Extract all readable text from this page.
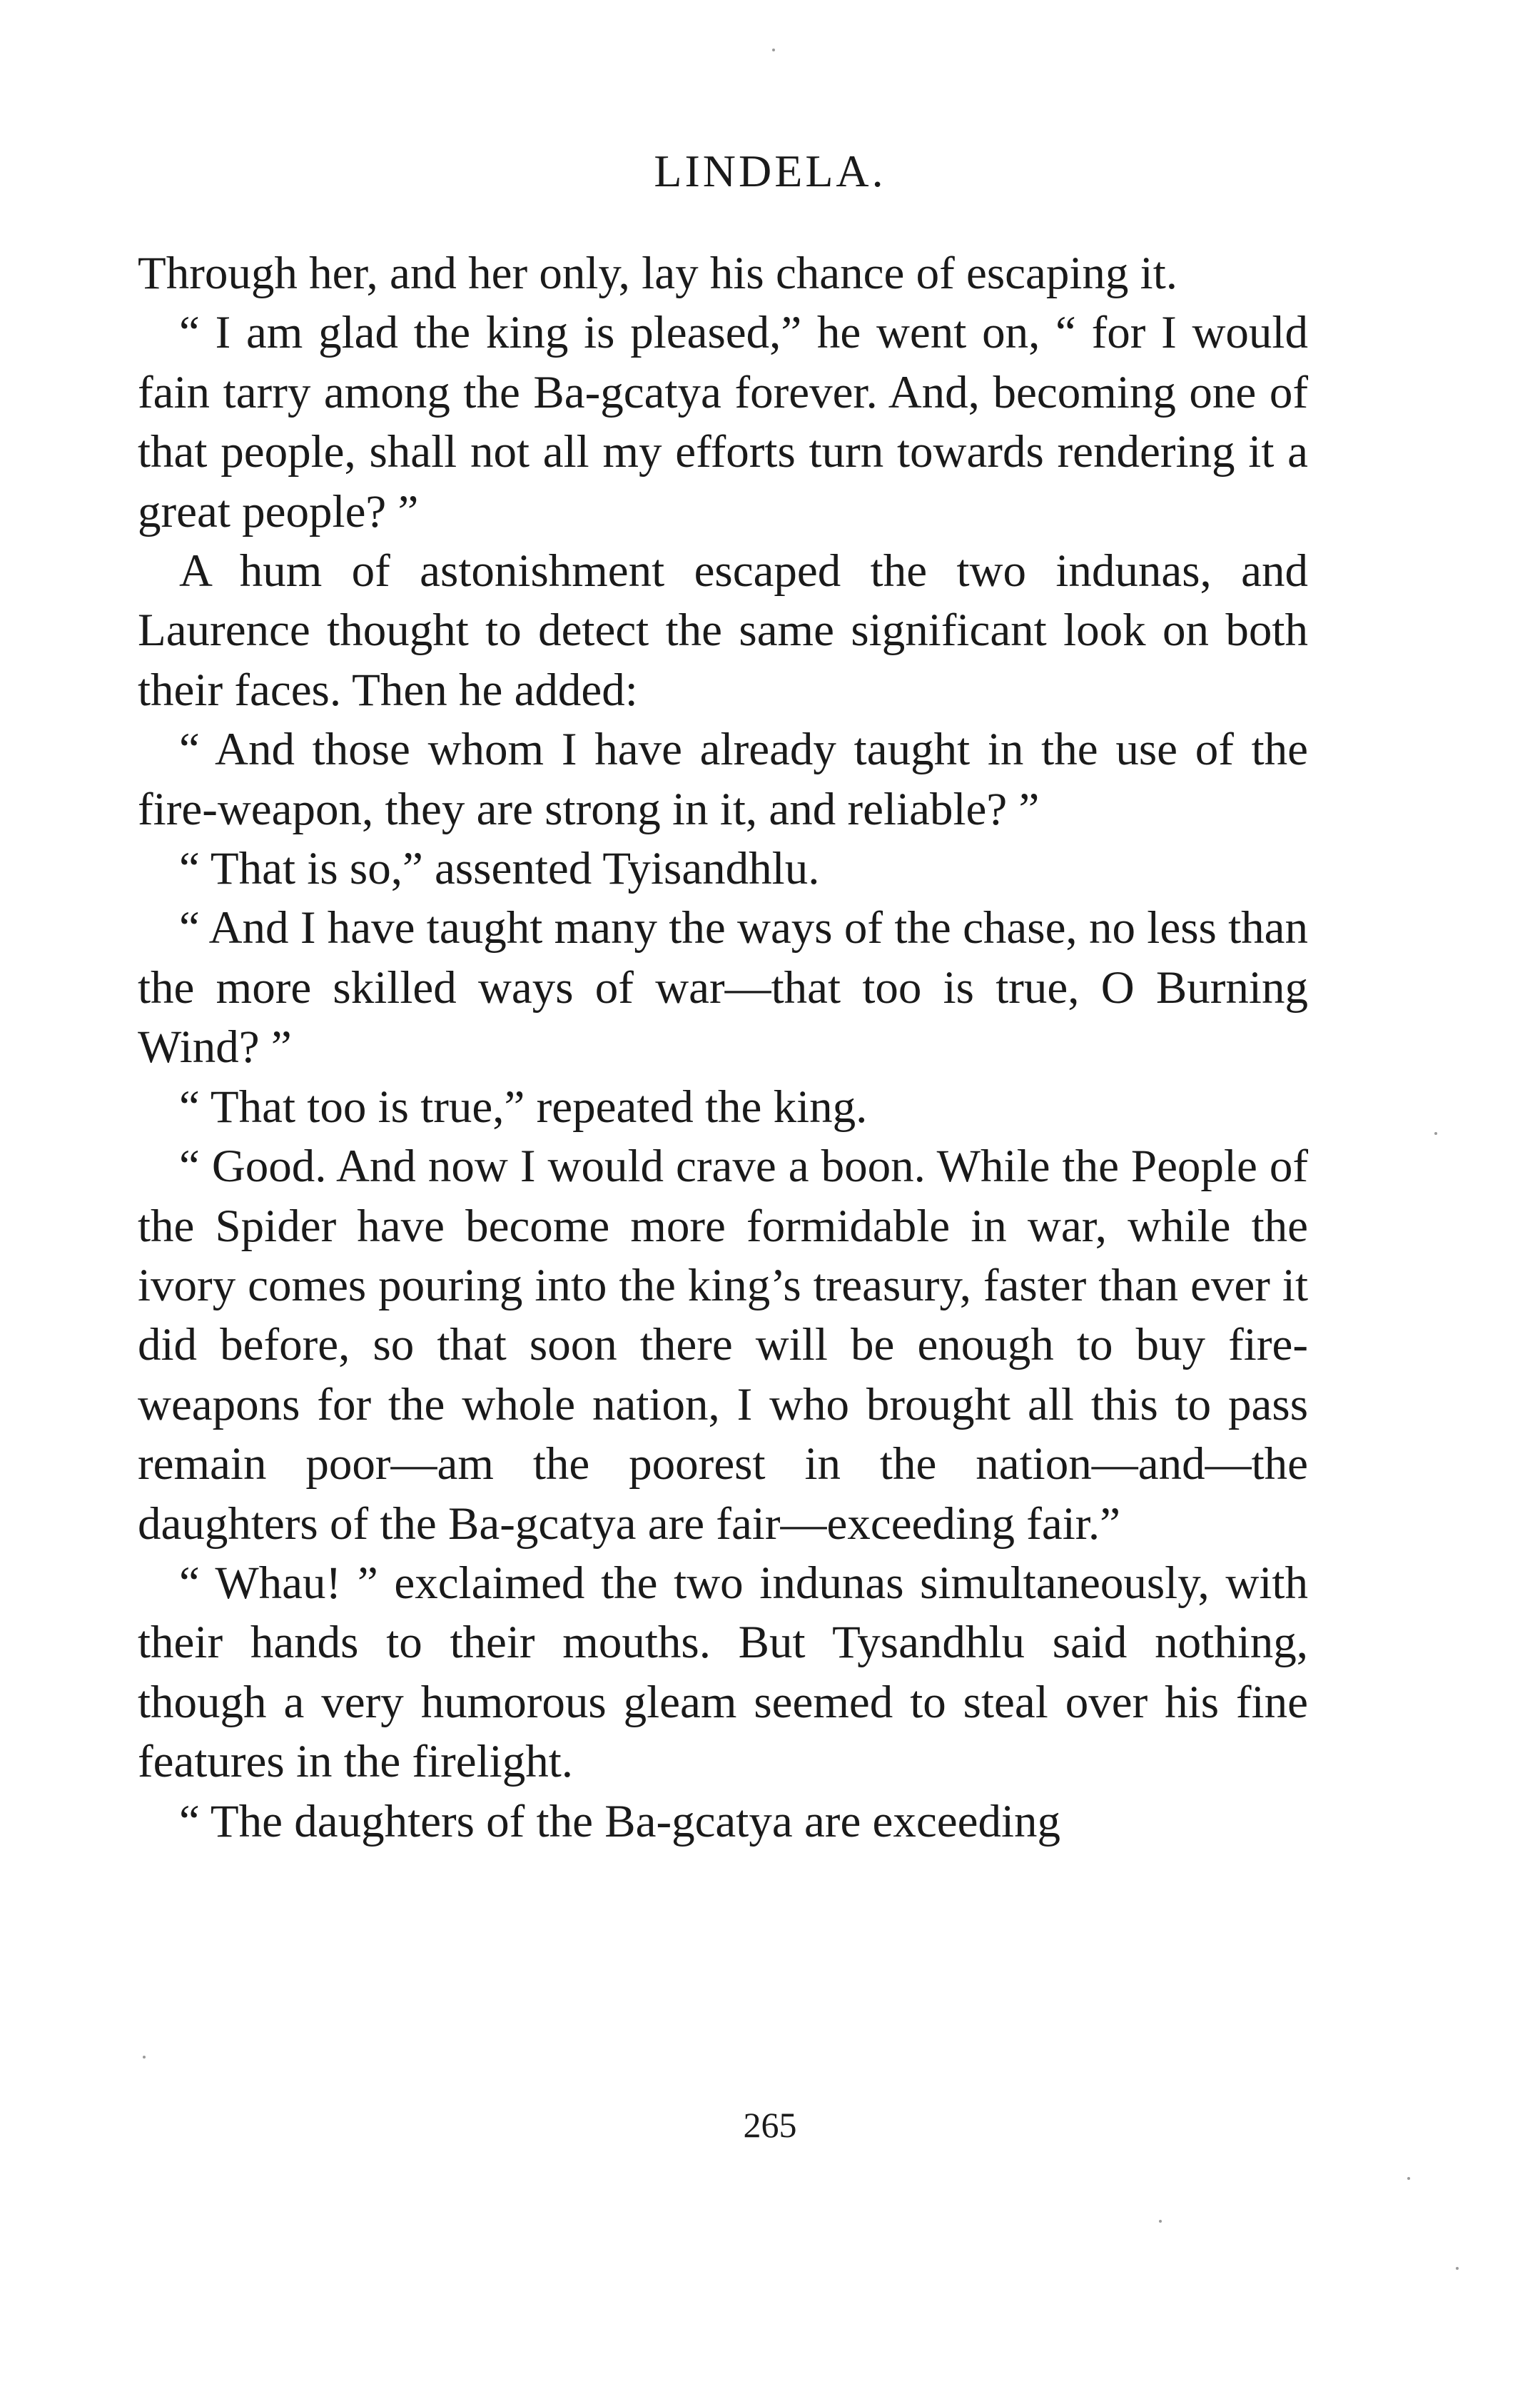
LINDELA.

Through her, and her only, lay his chance of escaping it.

“ I am glad the king is pleased,” he went on, “ for I would fain tarry among the Ba-gcatya forever. And, becoming one of that people, shall not all my efforts turn towards rendering it a great people? ”

A hum of astonishment escaped the two indunas, and Laurence thought to detect the same significant look on both their faces. Then he added:

“ And those whom I have already taught in the use of the fire-weapon, they are strong in it, and reliable? ”

“ That is so,” assented Tyisandhlu.

“ And I have taught many the ways of the chase, no less than the more skilled ways of war—that too is true, O Burning Wind? ”

“ That too is true,” repeated the king.

“ Good. And now I would crave a boon. While the People of the Spider have become more formidable in war, while the ivory comes pouring into the king’s treasury, faster than ever it did before, so that soon there will be enough to buy fire-weapons for the whole nation, I who brought all this to pass remain poor—am the poorest in the nation—and—the daughters of the Ba-gcatya are fair—exceeding fair.”

“ Whau! ” exclaimed the two indunas simultaneously, with their hands to their mouths. But Tysandhlu said nothing, though a very humorous gleam seemed to steal over his fine features in the firelight.

“ The daughters of the Ba-gcatya are exceeding

265
